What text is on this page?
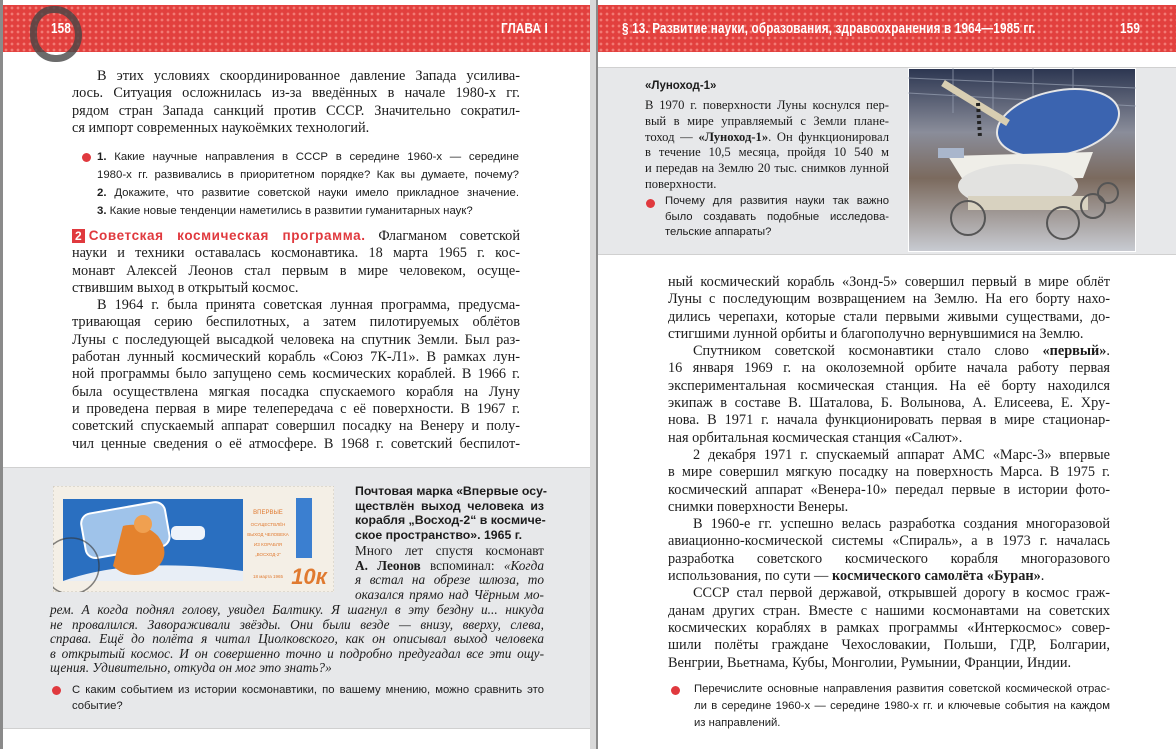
158	ГЛАВА I
В этих условиях скоординированное давление Запада усилива-
лось. Ситуация осложнилась из-за введённых в начале 1980-х гг.
рядом стран Запада санкций против СССР. Значительно сократил-
ся импорт современных наукоёмких технологий.
1. Какие научные направления в СССР в середине 1960-х — середине
1980-х гг. развивались в приоритетном порядке? Как вы думаете, почему?
2. Докажите, что развитие советской науки имело прикладное значение.
3. Какие новые тенденции наметились в развитии гуманитарных наук?
2 Советская космическая программа. Флагманом советской
науки и техники оставалась космонавтика. 18 марта 1965 г. кос-
монавт Алексей Леонов стал первым в мире человеком, осуще-
ствившим выход в открытый космос.
В 1964 г. была принята советская лунная программа, предусма-
тривающая серию беспилотных, а затем пилотируемых облётов
Луны с последующей высадкой человека на спутник Земли. Был раз-
работан лунный космический корабль «Союз 7К-Л1». В рамках лун-
ной программы было запущено семь космических кораблей. В 1966 г.
была осуществлена мягкая посадка спускаемого корабля на Луну
и проведена первая в мире телепередача с её поверхности. В 1967 г.
советский спускаемый аппарат совершил посадку на Венеру и полу-
чил ценные сведения о её атмосфере. В 1968 г. советский беспилот-
ВПЕРВЫЕ
ОСУЩЕСТВЛЁН
ВЫХОД ЧЕЛОВЕКА
ИЗ КОРАБЛЯ
„ВОСХОД-2“
18 марта 1965 10к
Почтовая марка «Впервые осу-
ществлён выход человека из
корабля „Восход-2“ в космиче-
ское пространство». 1965 г.
Много лет спустя космонавт
А. Леонов вспоминал: «Когда
я встал на обрезе шлюза, то
оказался прямо над Чёрным мо-
рем. А когда поднял голову, увидел Балтику. Я шагнул в эту бездну и... никуда
не провалился. Завораживали звёзды. Они были везде — внизу, вверху, слева,
справа. Ещё до полёта я читал Циолковского, как он описывал выход человека
в открытый космос. И он совершенно точно и подробно предугадал все эти ощу-
щения. Удивительно, откуда он мог это знать?»
С каким событием из истории космонавтики, по вашему мнению, можно сравнить это
событие?
§ 13. Развитие науки, образования, здравоохранения в 1964—1985 гг.	159
«Луноход-1»
В 1970 г. поверхности Луны коснулся пер-
вый в мире управляемый с Земли плане-
тоход — «Луноход-1». Он функционировал
в течение 10,5 месяца, пройдя 10 540 м
и передав на Землю 20 тыс. снимков лунной
поверхности.
Почему для развития науки так важно
было создавать подобные исследова-
тельские аппараты?
ный космический корабль «Зонд-5» совершил первый в мире облёт
Луны с последующим возвращением на Землю. На его борту нахо-
дились черепахи, которые стали первыми живыми существами, до-
стигшими лунной орбиты и благополучно вернувшимися на Землю.
Спутником советской космонавтики стало слово «первый».
16 января 1969 г. на околоземной орбите начала работу первая
экспериментальная космическая станция. На её борту находился
экипаж в составе В. Шаталова, Б. Волынова, А. Елисеева, Е. Хру-
нова. В 1971 г. начала функционировать первая в мире стационар-
ная орбитальная космическая станция «Салют».
2 декабря 1971 г. спускаемый аппарат АМС «Марс-3» впервые
в мире совершил мягкую посадку на поверхность Марса. В 1975 г.
космический аппарат «Венера-10» передал первые в истории фото-
снимки поверхности Венеры.
В 1960-е гг. успешно велась разработка создания многоразовой
авиационно-космической системы «Спираль», а в 1973 г. началась
разработка советского космического корабля многоразового
использования, по сути — космического самолёта «Буран».
СССР стал первой державой, открывшей дорогу в космос граж-
данам других стран. Вместе с нашими космонавтами на советских
космических кораблях в рамках программы «Интеркосмос» совер-
шили полёты граждане Чехословакии, Польши, ГДР, Болгарии,
Венгрии, Вьетнама, Кубы, Монголии, Румынии, Франции, Индии.
Перечислите основные направления развития советской космической отрас-
ли в середине 1960-х — середине 1980-х гг. и ключевые события на каждом
из направлений.
